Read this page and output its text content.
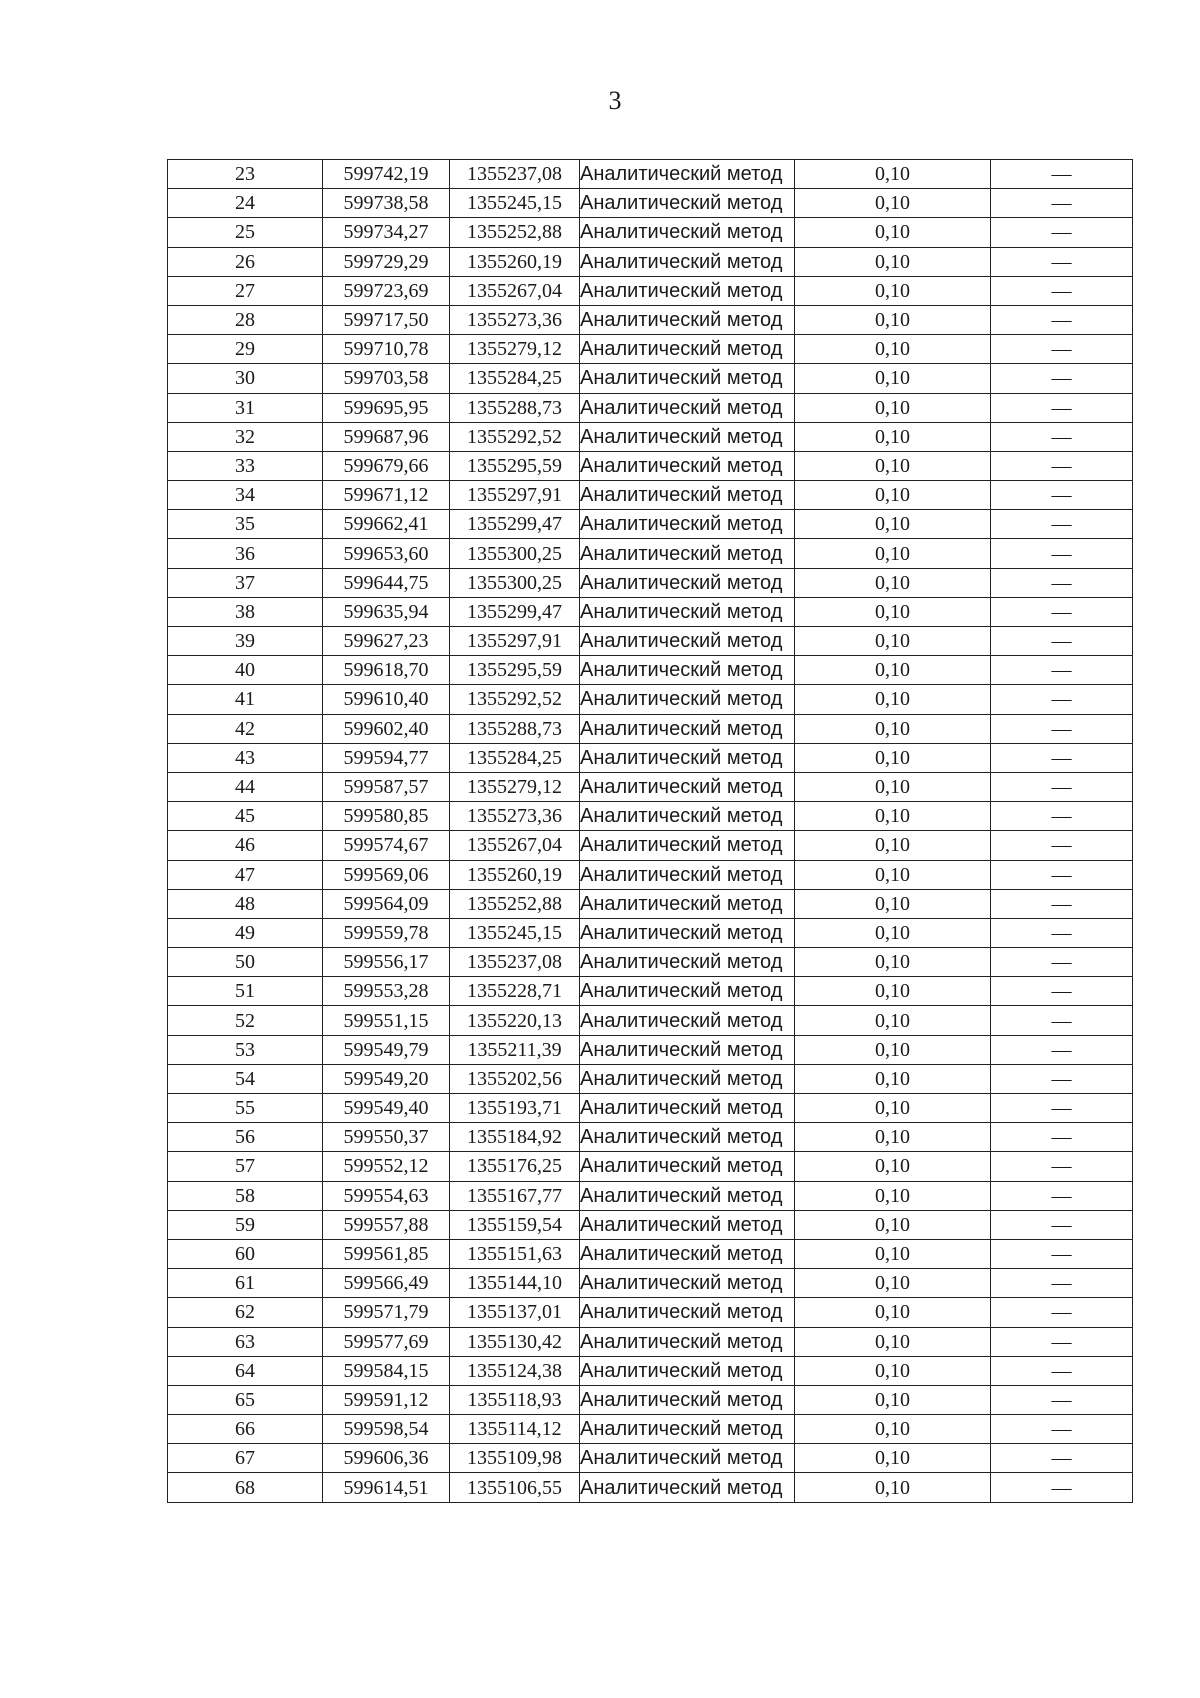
3
23	599742,19	1355237,08	Аналитический метод	0,10	—
24	599738,58	1355245,15	Аналитический метод	0,10	—
25	599734,27	1355252,88	Аналитический метод	0,10	—
26	599729,29	1355260,19	Аналитический метод	0,10	—
27	599723,69	1355267,04	Аналитический метод	0,10	—
28	599717,50	1355273,36	Аналитический метод	0,10	—
29	599710,78	1355279,12	Аналитический метод	0,10	—
30	599703,58	1355284,25	Аналитический метод	0,10	—
31	599695,95	1355288,73	Аналитический метод	0,10	—
32	599687,96	1355292,52	Аналитический метод	0,10	—
33	599679,66	1355295,59	Аналитический метод	0,10	—
34	599671,12	1355297,91	Аналитический метод	0,10	—
35	599662,41	1355299,47	Аналитический метод	0,10	—
36	599653,60	1355300,25	Аналитический метод	0,10	—
37	599644,75	1355300,25	Аналитический метод	0,10	—
38	599635,94	1355299,47	Аналитический метод	0,10	—
39	599627,23	1355297,91	Аналитический метод	0,10	—
40	599618,70	1355295,59	Аналитический метод	0,10	—
41	599610,40	1355292,52	Аналитический метод	0,10	—
42	599602,40	1355288,73	Аналитический метод	0,10	—
43	599594,77	1355284,25	Аналитический метод	0,10	—
44	599587,57	1355279,12	Аналитический метод	0,10	—
45	599580,85	1355273,36	Аналитический метод	0,10	—
46	599574,67	1355267,04	Аналитический метод	0,10	—
47	599569,06	1355260,19	Аналитический метод	0,10	—
48	599564,09	1355252,88	Аналитический метод	0,10	—
49	599559,78	1355245,15	Аналитический метод	0,10	—
50	599556,17	1355237,08	Аналитический метод	0,10	—
51	599553,28	1355228,71	Аналитический метод	0,10	—
52	599551,15	1355220,13	Аналитический метод	0,10	—
53	599549,79	1355211,39	Аналитический метод	0,10	—
54	599549,20	1355202,56	Аналитический метод	0,10	—
55	599549,40	1355193,71	Аналитический метод	0,10	—
56	599550,37	1355184,92	Аналитический метод	0,10	—
57	599552,12	1355176,25	Аналитический метод	0,10	—
58	599554,63	1355167,77	Аналитический метод	0,10	—
59	599557,88	1355159,54	Аналитический метод	0,10	—
60	599561,85	1355151,63	Аналитический метод	0,10	—
61	599566,49	1355144,10	Аналитический метод	0,10	—
62	599571,79	1355137,01	Аналитический метод	0,10	—
63	599577,69	1355130,42	Аналитический метод	0,10	—
64	599584,15	1355124,38	Аналитический метод	0,10	—
65	599591,12	1355118,93	Аналитический метод	0,10	—
66	599598,54	1355114,12	Аналитический метод	0,10	—
67	599606,36	1355109,98	Аналитический метод	0,10	—
68	599614,51	1355106,55	Аналитический метод	0,10	—
